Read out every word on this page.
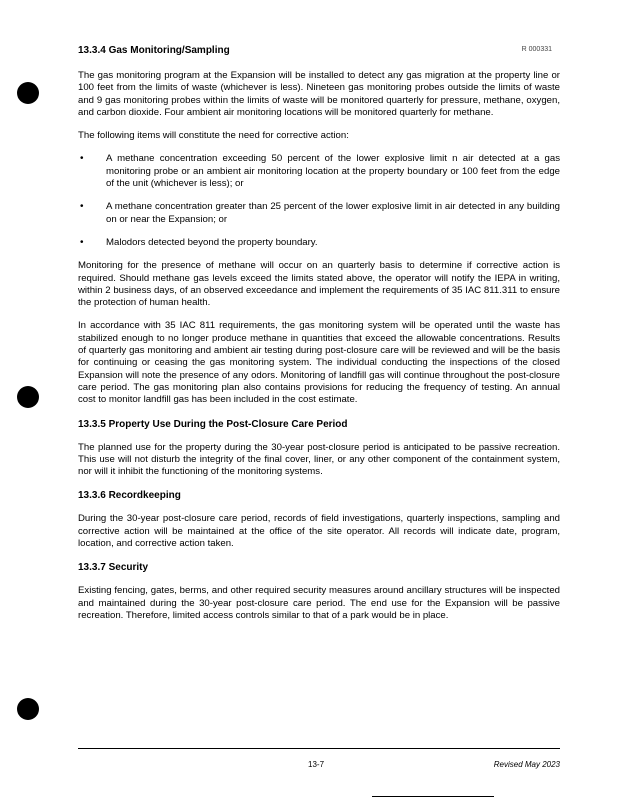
13.3.4 Gas Monitoring/Sampling	R 000331

The gas monitoring program at the Expansion will be installed to detect any gas migration at the property line or 100 feet from the limits of waste (whichever is less). Nineteen gas monitoring probes outside the limits of waste and 9 gas monitoring probes within the limits of waste will be monitored quarterly for pressure, methane, oxygen, and carbon dioxide. Four ambient air monitoring locations will be monitored quarterly for methane.

The following items will constitute the need for corrective action:

• A methane concentration exceeding 50 percent of the lower explosive limit n air detected at a gas monitoring probe or an ambient air monitoring location at the property boundary or 100 feet from the edge of the unit (whichever is less); or
• A methane concentration greater than 25 percent of the lower explosive limit in air detected in any building on or near the Expansion; or
• Malodors detected beyond the property boundary.

Monitoring for the presence of methane will occur on an quarterly basis to determine if corrective action is required. Should methane gas levels exceed the limits stated above, the operator will notify the IEPA in writing, within 2 business days, of an observed exceedance and implement the requirements of 35 IAC 811.311 to ensure the protection of human health.

In accordance with 35 IAC 811 requirements, the gas monitoring system will be operated until the waste has stabilized enough to no longer produce methane in quantities that exceed the allowable concentrations. Results of quarterly gas monitoring and ambient air testing during post-closure care will be reviewed and will be the basis for continuing or ceasing the gas monitoring system. The individual conducting the inspections of the closed Expansion will note the presence of any odors. Monitoring of landfill gas will continue throughout the post-closure care period. The gas monitoring plan also contains provisions for reducing the frequency of testing. An annual cost to monitor landfill gas has been included in the cost estimate.

13.3.5 Property Use During the Post-Closure Care Period

The planned use for the property during the 30-year post-closure period is anticipated to be passive recreation. This use will not disturb the integrity of the final cover, liner, or any other component of the containment system, nor will it inhibit the functioning of the monitoring systems.

13.3.6 Recordkeeping

During the 30-year post-closure care period, records of field investigations, quarterly inspections, sampling and corrective action will be maintained at the office of the site operator. All records will indicate date, program, location, and corrective action taken.

13.3.7 Security

Existing fencing, gates, berms, and other required security measures around ancillary structures will be inspected and maintained during the 30-year post-closure care period. The end use for the Expansion will be passive recreation. Therefore, limited access controls similar to that of a park would be in place.

13-7	Revised May 2023
